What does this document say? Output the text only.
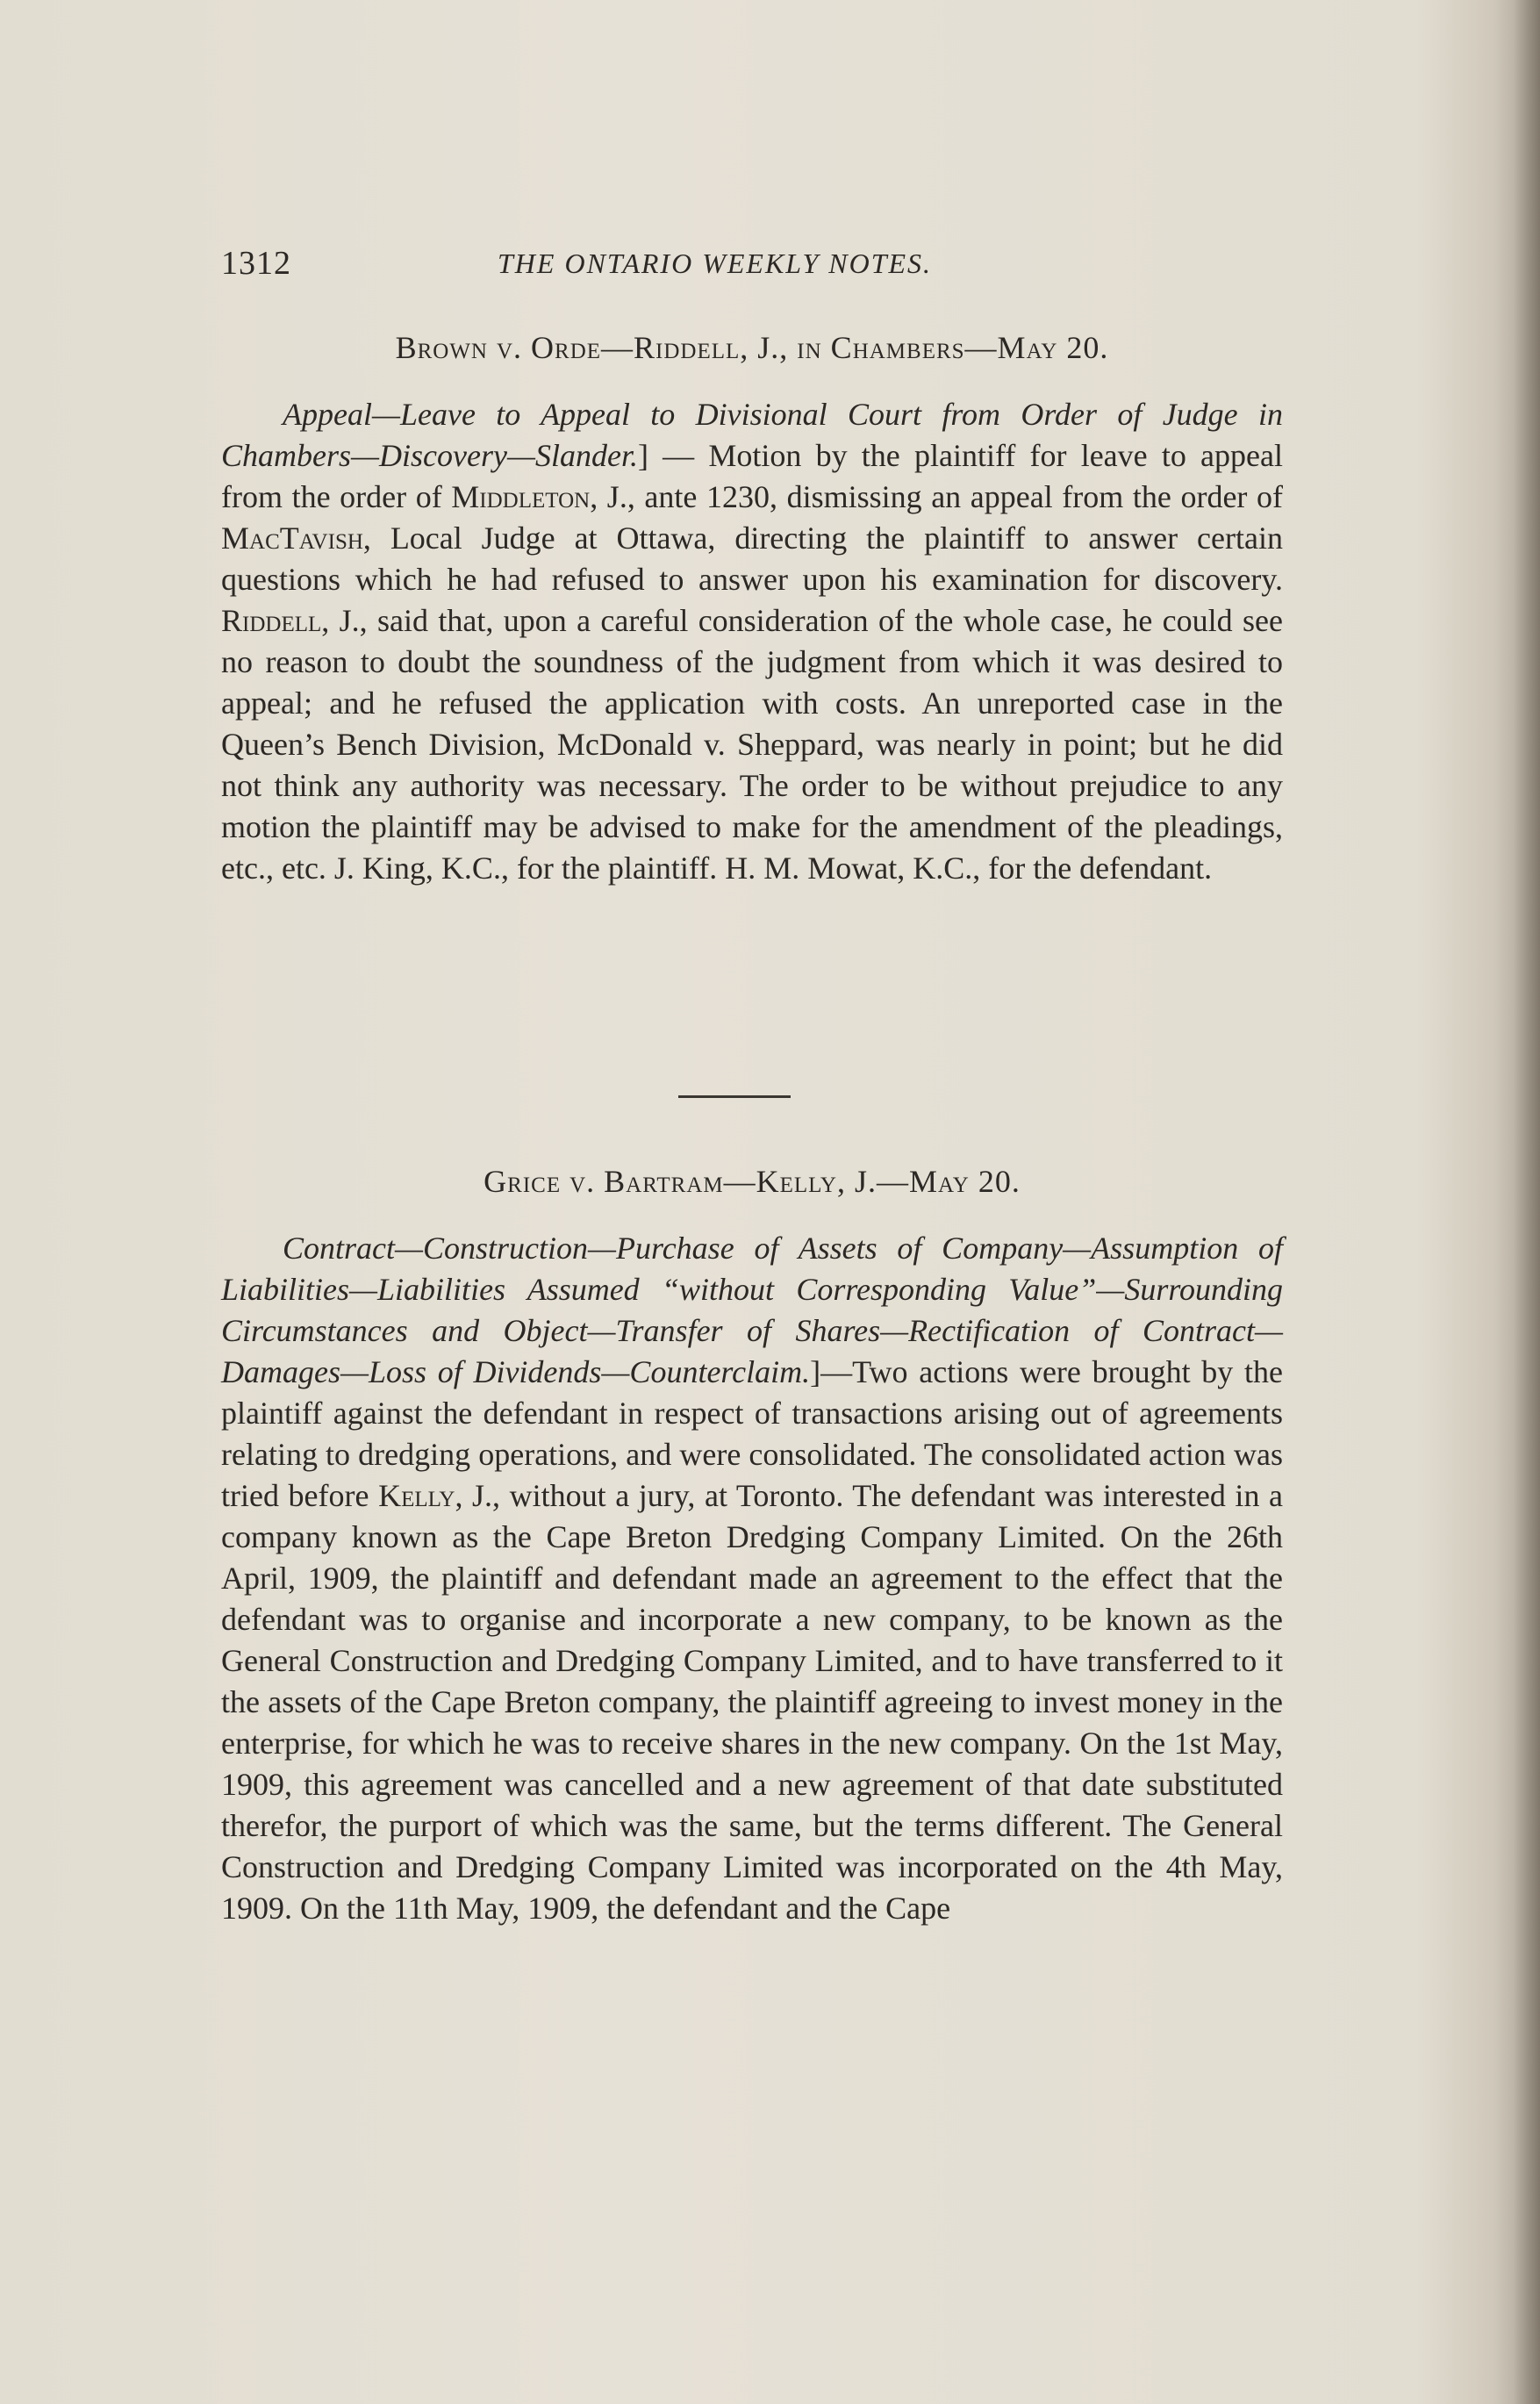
1312	THE ONTARIO WEEKLY NOTES.

Brown v. Orde—Riddell, J., in Chambers—May 20.

Appeal—Leave to Appeal to Divisional Court from Order of Judge in Chambers—Discovery—Slander.] — Motion by the plaintiff for leave to appeal from the order of Middleton, J., ante 1230, dismissing an appeal from the order of MacTavish, Local Judge at Ottawa, directing the plaintiff to answer certain questions which he had refused to answer upon his examination for discovery. Riddell, J., said that, upon a careful consideration of the whole case, he could see no reason to doubt the soundness of the judgment from which it was desired to appeal; and he refused the application with costs. An unreported case in the Queen’s Bench Division, McDonald v. Sheppard, was nearly in point; but he did not think any authority was necessary. The order to be without prejudice to any motion the plaintiff may be advised to make for the amendment of the pleadings, etc., etc. J. King, K.C., for the plaintiff. H. M. Mowat, K.C., for the defendant.

Grice v. Bartram—Kelly, J.—May 20.

Contract—Construction—Purchase of Assets of Company—Assumption of Liabilities—Liabilities Assumed “without Corresponding Value”—Surrounding Circumstances and Object—Transfer of Shares—Rectification of Contract—Damages—Loss of Dividends—Counterclaim.]—Two actions were brought by the plaintiff against the defendant in respect of transactions arising out of agreements relating to dredging operations, and were consolidated. The consolidated action was tried before Kelly, J., without a jury, at Toronto. The defendant was interested in a company known as the Cape Breton Dredging Company Limited. On the 26th April, 1909, the plaintiff and defendant made an agreement to the effect that the defendant was to organise and incorporate a new company, to be known as the General Construction and Dredging Company Limited, and to have transferred to it the assets of the Cape Breton company, the plaintiff agreeing to invest money in the enterprise, for which he was to receive shares in the new company. On the 1st May, 1909, this agreement was cancelled and a new agreement of that date substituted therefor, the purport of which was the same, but the terms different. The General Construction and Dredging Company Limited was incorporated on the 4th May, 1909. On the 11th May, 1909, the defendant and the Cape
